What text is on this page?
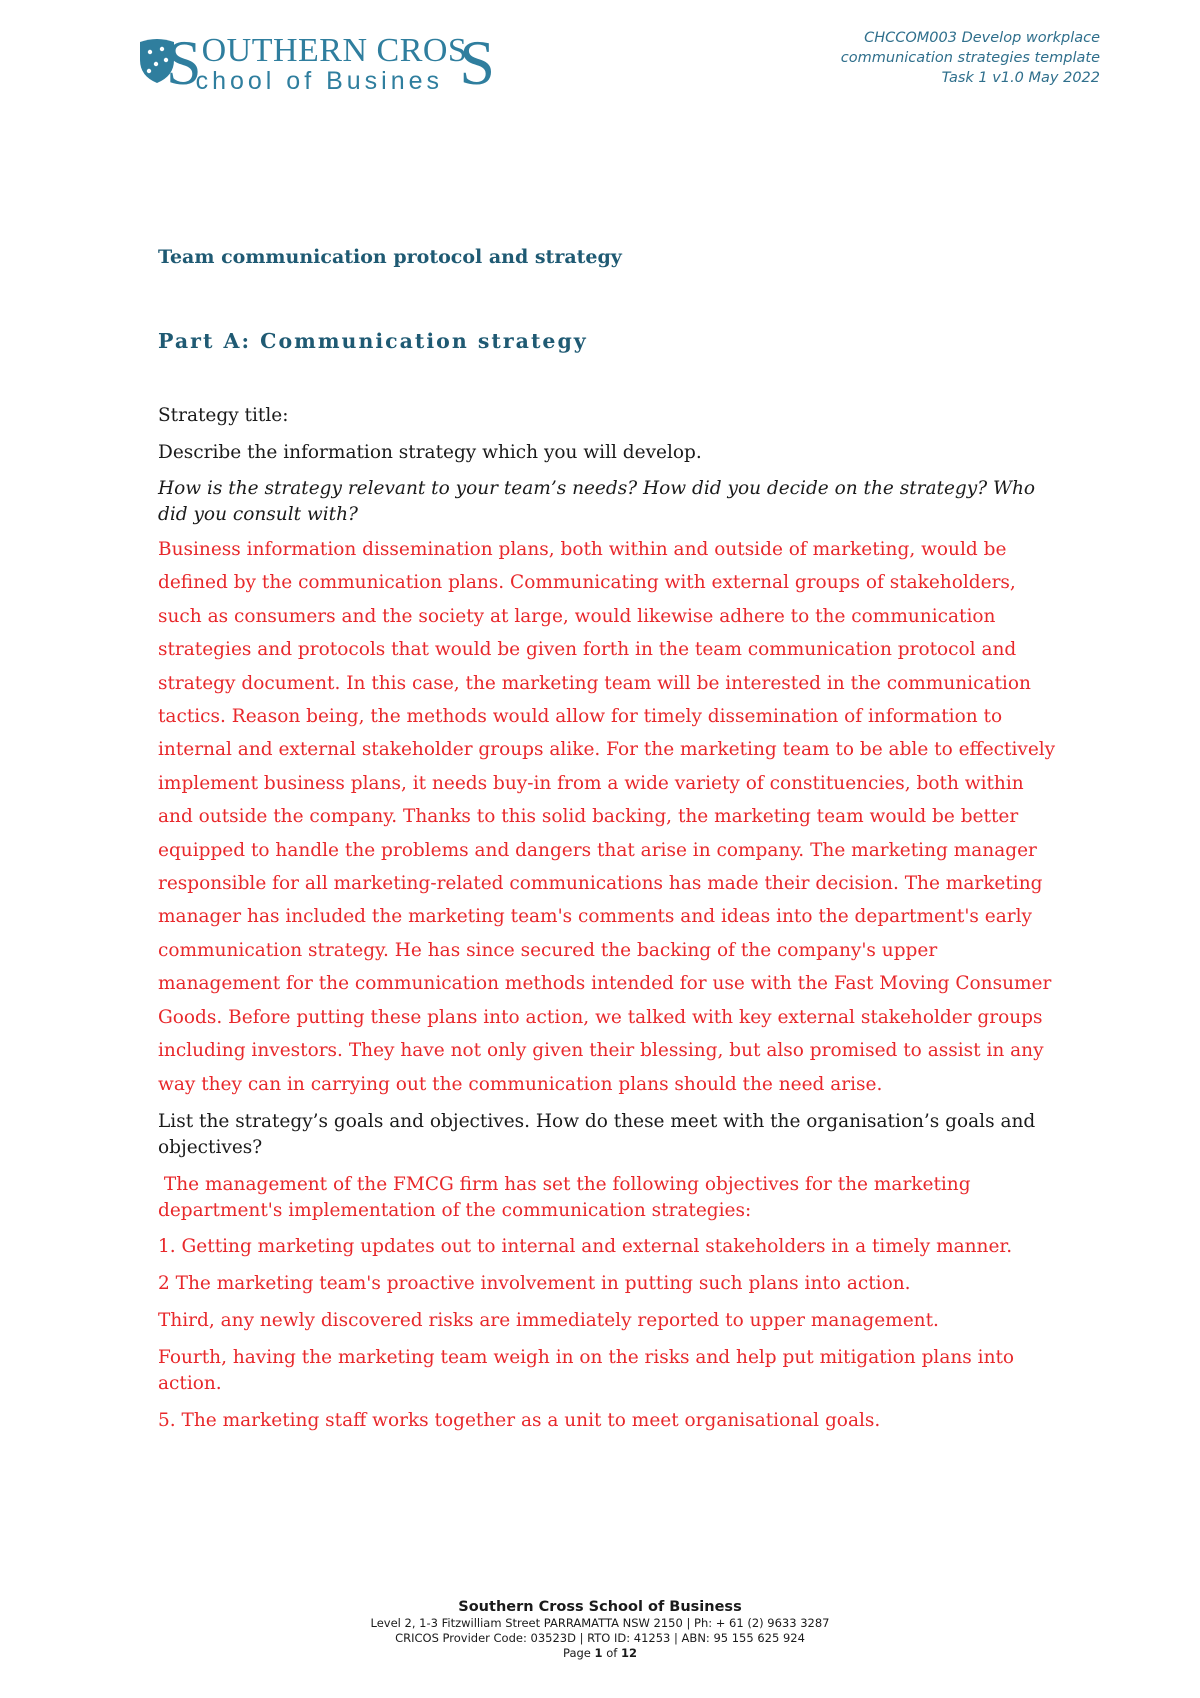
S OUTHERN CROS
chool of Busines S	CHCCOM003 Develop workplace
communication strategies template
Task 1 v1.0 May 2022
Team communication protocol and strategy
Part A: Communication strategy

Strategy title:

Describe the information strategy which you will develop.

How is the strategy relevant to your team’s needs? How did you decide on the strategy? Who did you consult with?

Business information dissemination plans, both within and outside of marketing, would be defined by the communication plans. Communicating with external groups of stakeholders, such as consumers and the society at large, would likewise adhere to the communication strategies and protocols that would be given forth in the team communication protocol and strategy document. In this case, the marketing team will be interested in the communication tactics. Reason being, the methods would allow for timely dissemination of information to internal and external stakeholder groups alike. For the marketing team to be able to effectively implement business plans, it needs buy-in from a wide variety of constituencies, both within and outside the company. Thanks to this solid backing, the marketing team would be better equipped to handle the problems and dangers that arise in company. The marketing manager responsible for all marketing-related communications has made their decision. The marketing manager has included the marketing team's comments and ideas into the department's early communication strategy. He has since secured the backing of the company's upper management for the communication methods intended for use with the Fast Moving Consumer Goods. Before putting these plans into action, we talked with key external stakeholder groups including investors. They have not only given their blessing, but also promised to assist in any way they can in carrying out the communication plans should the need arise.

List the strategy’s goals and objectives. How do these meet with the organisation’s goals and objectives?

The management of the FMCG firm has set the following objectives for the marketing department's implementation of the communication strategies:

1. Getting marketing updates out to internal and external stakeholders in a timely manner.

2 The marketing team's proactive involvement in putting such plans into action.

Third, any newly discovered risks are immediately reported to upper management.

Fourth, having the marketing team weigh in on the risks and help put mitigation plans into action.

5. The marketing staff works together as a unit to meet organisational goals.

Southern Cross School of Business
Level 2, 1-3 Fitzwilliam Street PARRAMATTA NSW 2150 | Ph: + 61 (2) 9633 3287
CRICOS Provider Code: 03523D | RTO ID: 41253 | ABN: 95 155 625 924
Page 1 of 12
